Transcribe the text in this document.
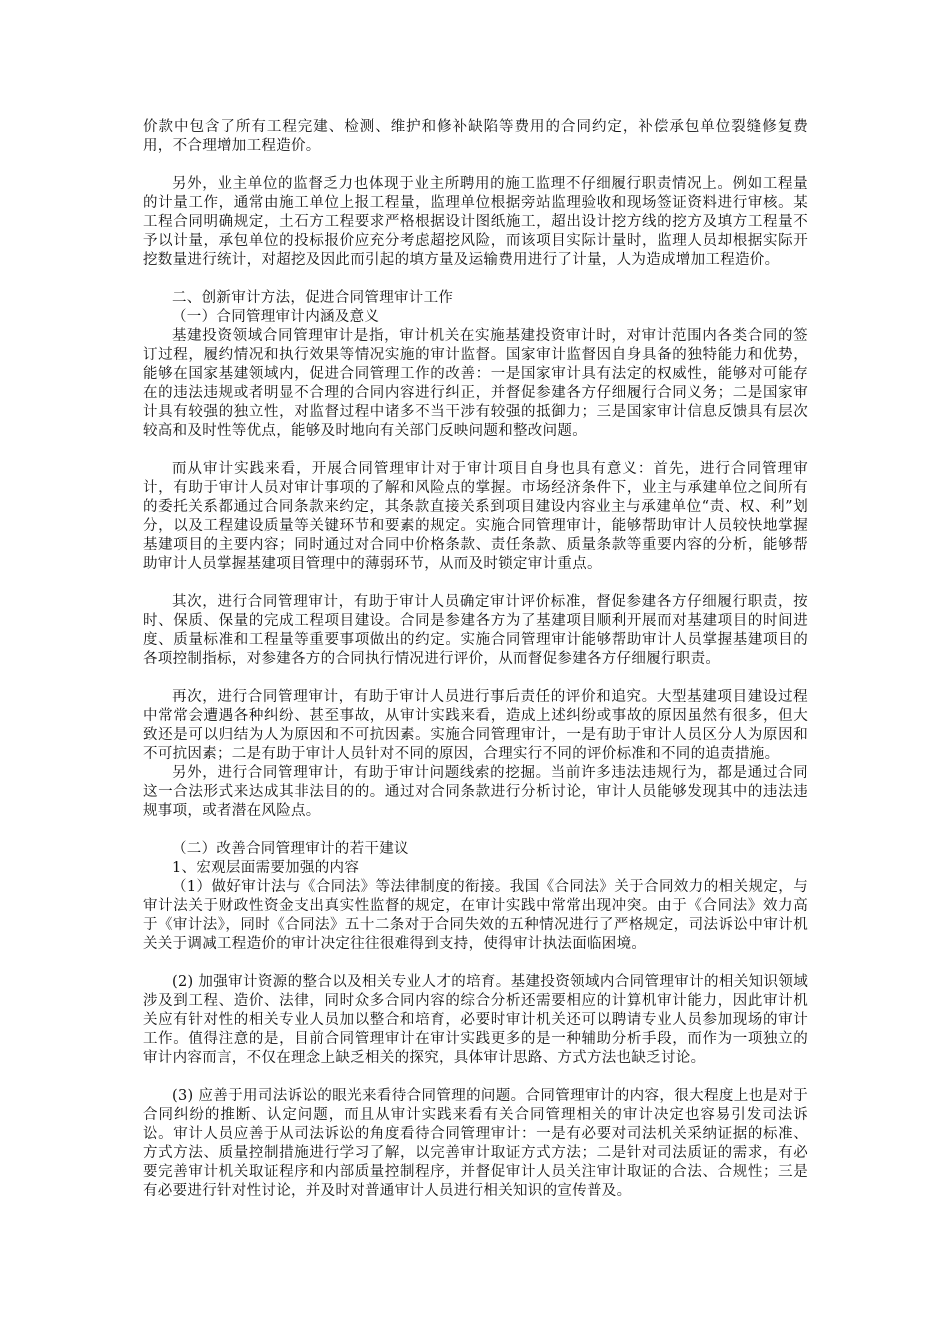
价款中包含了所有工程完建、检测、维护和修补缺陷等费用的合同约定，补偿承包单位裂缝修复费用，不合理增加工程造价。

另外，业主单位的监督乏力也体现于业主所聘用的施工监理不仔细履行职责情况上。例如工程量的计量工作，通常由施工单位上报工程量，监理单位根据旁站监理验收和现场签证资料进行审核。某工程合同明确规定，土石方工程要求严格根据设计图纸施工，超出设计挖方线的挖方及填方工程量不予以计量，承包单位的投标报价应充分考虑超挖风险，而该项目实际计量时，监理人员却根据实际开挖数量进行统计，对超挖及因此而引起的填方量及运输费用进行了计量，人为造成增加工程造价。

二、创新审计方法，促进合同管理审计工作

（一）合同管理审计内涵及意义

基建投资领域合同管理审计是指，审计机关在实施基建投资审计时，对审计范围内各类合同的签订过程，履约情况和执行效果等情况实施的审计监督。国家审计监督因自身具备的独特能力和优势，能够在国家基建领域内，促进合同管理工作的改善：一是国家审计具有法定的权威性，能够对可能存在的违法违规或者明显不合理的合同内容进行纠正，并督促参建各方仔细履行合同义务；二是国家审计具有较强的独立性，对监督过程中诸多不当干涉有较强的抵御力；三是国家审计信息反馈具有层次较高和及时性等优点，能够及时地向有关部门反映问题和整改问题。

而从审计实践来看，开展合同管理审计对于审计项目自身也具有意义：首先，进行合同管理审计，有助于审计人员对审计事项的了解和风险点的掌握。市场经济条件下，业主与承建单位之间所有的委托关系都通过合同条款来约定，其条款直接关系到项目建设内容业主与承建单位“责、权、利”划分，以及工程建设质量等关键环节和要素的规定。实施合同管理审计，能够帮助审计人员较快地掌握基建项目的主要内容；同时通过对合同中价格条款、责任条款、质量条款等重要内容的分析，能够帮助审计人员掌握基建项目管理中的薄弱环节，从而及时锁定审计重点。

其次，进行合同管理审计，有助于审计人员确定审计评价标准，督促参建各方仔细履行职责，按时、保质、保量的完成工程项目建设。合同是参建各方为了基建项目顺利开展而对基建项目的时间进度、质量标准和工程量等重要事项做出的约定。实施合同管理审计能够帮助审计人员掌握基建项目的各项控制指标，对参建各方的合同执行情况进行评价，从而督促参建各方仔细履行职责。

再次，进行合同管理审计，有助于审计人员进行事后责任的评价和追究。大型基建项目建设过程中常常会遭遇各种纠纷、甚至事故，从审计实践来看，造成上述纠纷或事故的原因虽然有很多，但大致还是可以归结为人为原因和不可抗因素。实施合同管理审计，一是有助于审计人员区分人为原因和不可抗因素；二是有助于审计人员针对不同的原因，合理实行不同的评价标准和不同的追责措施。

另外，进行合同管理审计，有助于审计问题线索的挖掘。当前许多违法违规行为，都是通过合同这一合法形式来达成其非法目的的。通过对合同条款进行分析讨论，审计人员能够发现其中的违法违规事项，或者潜在风险点。

（二）改善合同管理审计的若干建议

1、宏观层面需要加强的内容

（1）做好审计法与《合同法》等法律制度的衔接。我国《合同法》关于合同效力的相关规定，与审计法关于财政性资金支出真实性监督的规定，在审计实践中常常出现冲突。由于《合同法》效力高于《审计法》，同时《合同法》五十二条对于合同失效的五种情况进行了严格规定，司法诉讼中审计机关关于调减工程造价的审计决定往往很难得到支持，使得审计执法面临困境。

(2) 加强审计资源的整合以及相关专业人才的培育。基建投资领域内合同管理审计的相关知识领域涉及到工程、造价、法律，同时众多合同内容的综合分析还需要相应的计算机审计能力，因此审计机关应有针对性的相关专业人员加以整合和培育，必要时审计机关还可以聘请专业人员参加现场的审计工作。值得注意的是，目前合同管理审计在审计实践更多的是一种辅助分析手段，而作为一项独立的审计内容而言，不仅在理念上缺乏相关的探究，具体审计思路、方式方法也缺乏讨论。

(3) 应善于用司法诉讼的眼光来看待合同管理的问题。合同管理审计的内容，很大程度上也是对于合同纠纷的推断、认定问题，而且从审计实践来看有关合同管理相关的审计决定也容易引发司法诉讼。审计人员应善于从司法诉讼的角度看待合同管理审计：一是有必要对司法机关采纳证据的标准、方式方法、质量控制措施进行学习了解，以完善审计取证方式方法；二是针对司法质证的需求，有必要完善审计机关取证程序和内部质量控制程序，并督促审计人员关注审计取证的合法、合规性；三是有必要进行针对性讨论，并及时对普通审计人员进行相关知识的宣传普及。
